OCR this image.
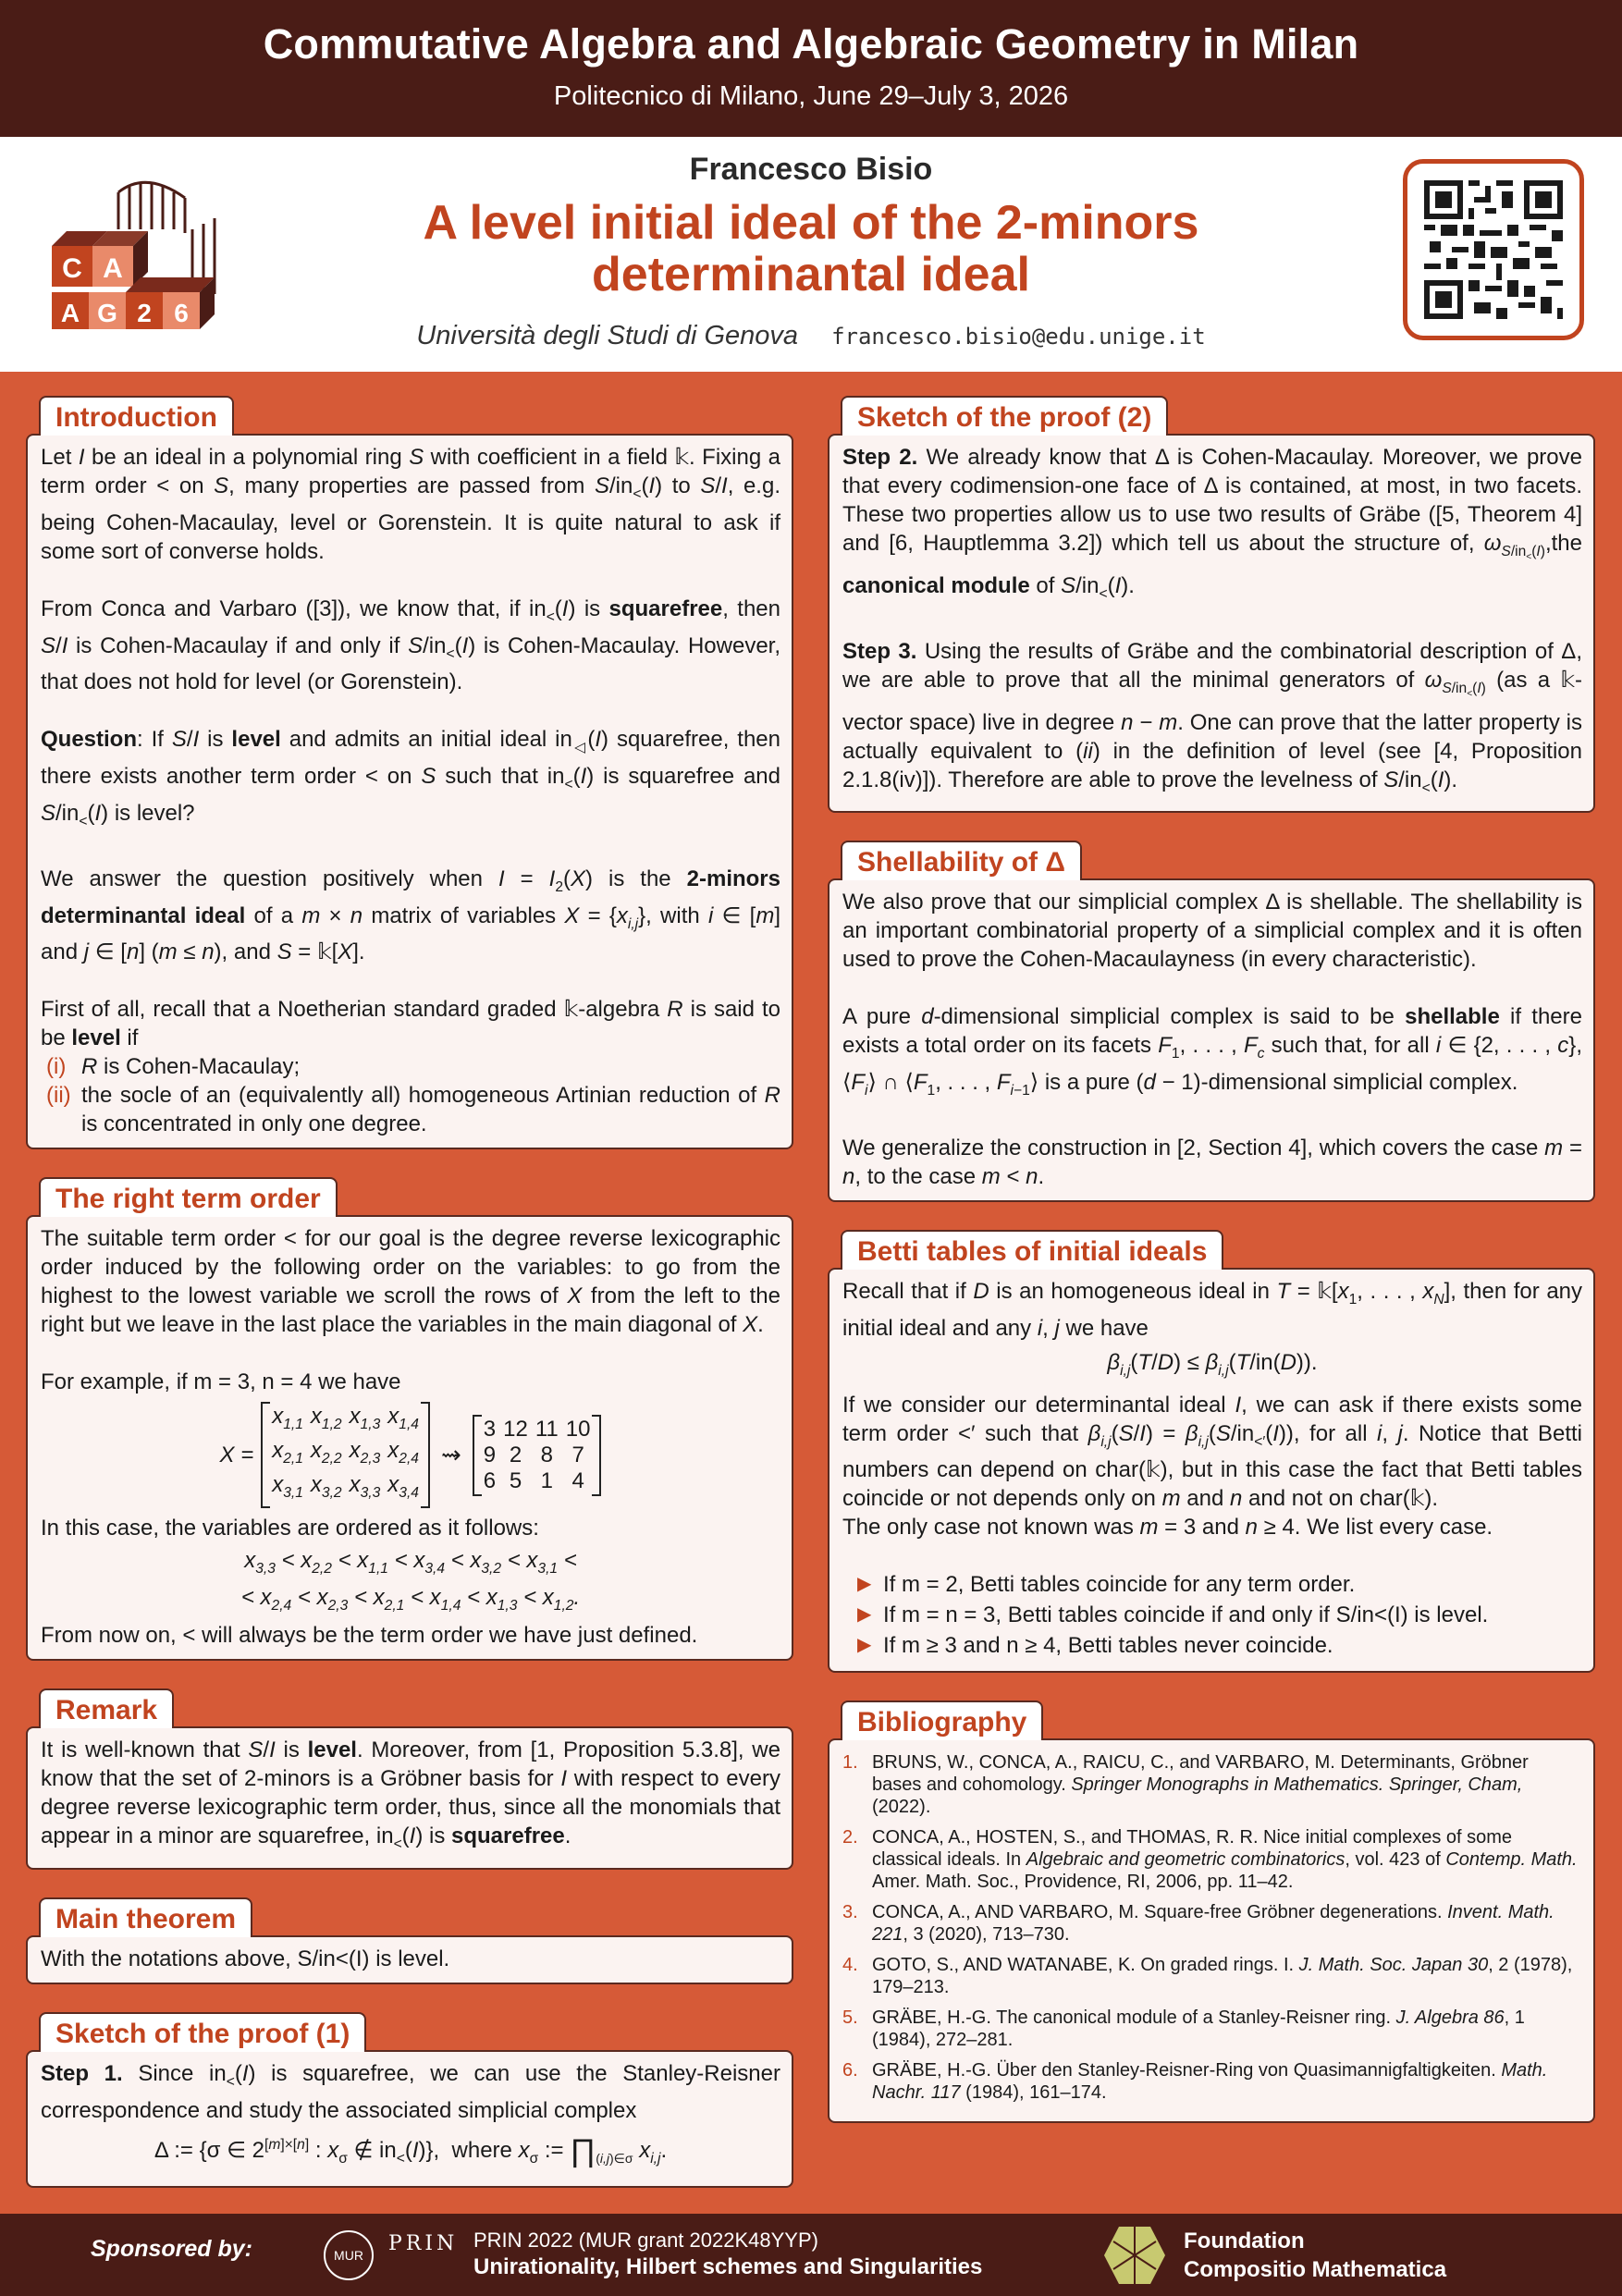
Commutative Algebra and Algebraic Geometry in Milan
Politecnico di Milano, June 29–July 3, 2026
C A
A G 2 6
Francesco Bisio
A level initial ideal of the 2-minors
determinantal ideal
Università degli Studi di Genova francesco.bisio@edu.unige.it
Introduction

Let I be an ideal in a polynomial ring S with coefficient in a field 𝕜. Fixing a term order < on S, many properties are passed from $S/in_<(I)$ to S/I, e.g. being Cohen-Macaulay, level or Gorenstein. It is quite natural to ask if some sort of converse holds.

From Conca and Varbaro ([3]), we know that, if $in_<(I)$ is squarefree, then S/I is Cohen-Macaulay if and only if $S/in_<(I)$ is Cohen-Macaulay. However, that does not hold for level (or Gorenstein).

Question: If S/I is level and admits an initial ideal $in_◁(I)$ squarefree, then there exists another term order < on S such that $in_<(I)$ is squarefree and $S/in_<(I)$ is level?

We answer the question positively when $I = I_2(X)$ is the 2-minors determinantal ideal of a m × n matrix of variables $X = \{x_{i,j}\}$, with i ∈ [m] and j ∈ [n] (m ≤ n), and S = 𝕜[X].

First of all, recall that a Noetherian standard graded 𝕜-algebra R is said to be level if

(i) R is Cohen-Macaulay;
(ii) the socle of an (equivalently all) homogeneous Artinian reduction of R is concentrated in only one degree.
The right term order

The suitable term order < for our goal is the degree reverse lexicographic order induced by the following order on the variables: to go from the highest to the lowest variable we scroll the rows of X from the left to the right but we leave in the last place the variables in the main diagonal of X.

For example, if m = 3, n = 4 we have
X =
$x_{1,1}$	$x_{1,2}$	$x_{1,3}$	$x_{1,4}$
$x_{2,1}$	$x_{2,2}$	$x_{2,3}$	$x_{2,4}$
$x_{3,1}$	$x_{3,2}$	$x_{3,3}$	$x_{3,4}$
⇝
3	12	11	10
9	2	8	7
6	5	1	4
In this case, the variables are ordered as it follows:
$x_{3,3} < x_{2,2} < x_{1,1} < x_{3,4} < x_{3,2} < x_{3,1}$ <
< $x_{2,4} < x_{2,3} < x_{2,1} < x_{1,4} < x_{1,3} < x_{1,2}$.
From now on, < will always be the term order we have just defined.
Remark

It is well-known that S/I is level. Moreover, from [1, Proposition 5.3.8], we know that the set of 2-minors is a Gröbner basis for I with respect to every degree reverse lexicographic term order, thus, since all the monomials that appear in a minor are squarefree, $in_<(I)$ is squarefree.

Main theorem

With the notations above, S/in<(I) is level.

Sketch of the proof (1)

Step 1. Since $in_<(I)$ is squarefree, we can use the Stanley-Reisner correspondence and study the associated simplicial complex

Δ := {σ ∈ 2[m]×[n] : $x_\sigma$ ∉ $in_<(I)$},  where $x_\sigma$ := $\prod_{(i,j)\in\sigma}$ $x_{i,j}$.
Sketch of the proof (2)

Step 2. We already know that Δ is Cohen-Macaulay. Moreover, we prove that every codimension-one face of Δ is contained, at most, in two facets. These two properties allow us to use two results of Gräbe ([5, Theorem 4] and [6, Hauptlemma 3.2]) which tell us about the structure of, $\omega_{S/in_<(I)},the$ canonical module of $S/in_<(I)$.

Step 3. Using the results of Gräbe and the combinatorial description of Δ, we are able to prove that all the minimal generators of $\omega_{S/in_<(I)}$ (as a 𝕜-vector space) live in degree n − m. One can prove that the latter property is actually equivalent to (ii) in the definition of level (see [4, Proposition 2.1.8(iv)]). Therefore are able to prove the levelness of $S/in_<(I)$.

Shellability of Δ

We also prove that our simplicial complex Δ is shellable. The shellability is an important combinatorial property of a simplicial complex and it is often used to prove the Cohen-Macaulayness (in every characteristic).

A pure d-dimensional simplicial complex is said to be shellable if there exists a total order on its facets $F_1$, . . . , $F_c$ such that, for all i ∈ {2, . . . , c}, $⟨F_i⟩$ ∩ $⟨F_1$, . . . , $F_{i-1}⟩$ is a pure (d − 1)-dimensional simplicial complex.

We generalize the construction in [2, Section 4], which covers the case m = n, to the case m < n.

Betti tables of initial ideals

Recall that if D is an homogeneous ideal in $T = 𝕜[x_1$, . . . , $x_N$], then for any initial ideal and any i, j we have

$\beta_{i,j}(T/D) \le \beta_{i,j}(T/in(D))$.

If we consider our determinantal ideal I, we can ask if there exists some term order <′ such that $\beta_{i,j}(S/I) = \beta_{i,j}(S/in_{<'}(I))$, for all i, j. Notice that Betti numbers can depend on char(𝕜), but in this case the fact that Betti tables coincide or not depends only on m and n and not on char(𝕜).

The only case not known was m = 3 and n ≥ 4. We list every case.

▶ If m = 2, Betti tables coincide for any term order.
▶ If m = n = 3, Betti tables coincide if and only if S/in<(I) is level.
▶ If m ≥ 3 and n ≥ 4, Betti tables never coincide.
Bibliography
1. BRUNS, W., CONCA, A., RAICU, C., and VARBARO, M. Determinants, Gröbner bases and cohomology. Springer Monographs in Mathematics. Springer, Cham, (2022).
2. CONCA, A., HOSTEN, S., and THOMAS, R. R. Nice initial complexes of some classical ideals. In Algebraic and geometric combinatorics, vol. 423 of Contemp. Math. Amer. Math. Soc., Providence, RI, 2006, pp. 11–42.
3. CONCA, A., AND VARBARO, M. Square-free Gröbner degenerations. Invent. Math. 221, 3 (2020), 713–730.
4. GOTO, S., AND WATANABE, K. On graded rings. I. J. Math. Soc. Japan 30, 2 (1978), 179–213.
5. GRÄBE, H.-G. The canonical module of a Stanley-Reisner ring. J. Algebra 86, 1 (1984), 272–281.
6. GRÄBE, H.-G. Über den Stanley-Reisner-Ring von Quasimannigfaltigkeiten. Math. Nachr. 117 (1984), 161–174.
Sponsored by:	MUR PRIN PRIN 2022 (MUR grant 2022K48YYP)
Unirationality, Hilbert schemes and Singularities
Foundation
Compositio Mathematica
